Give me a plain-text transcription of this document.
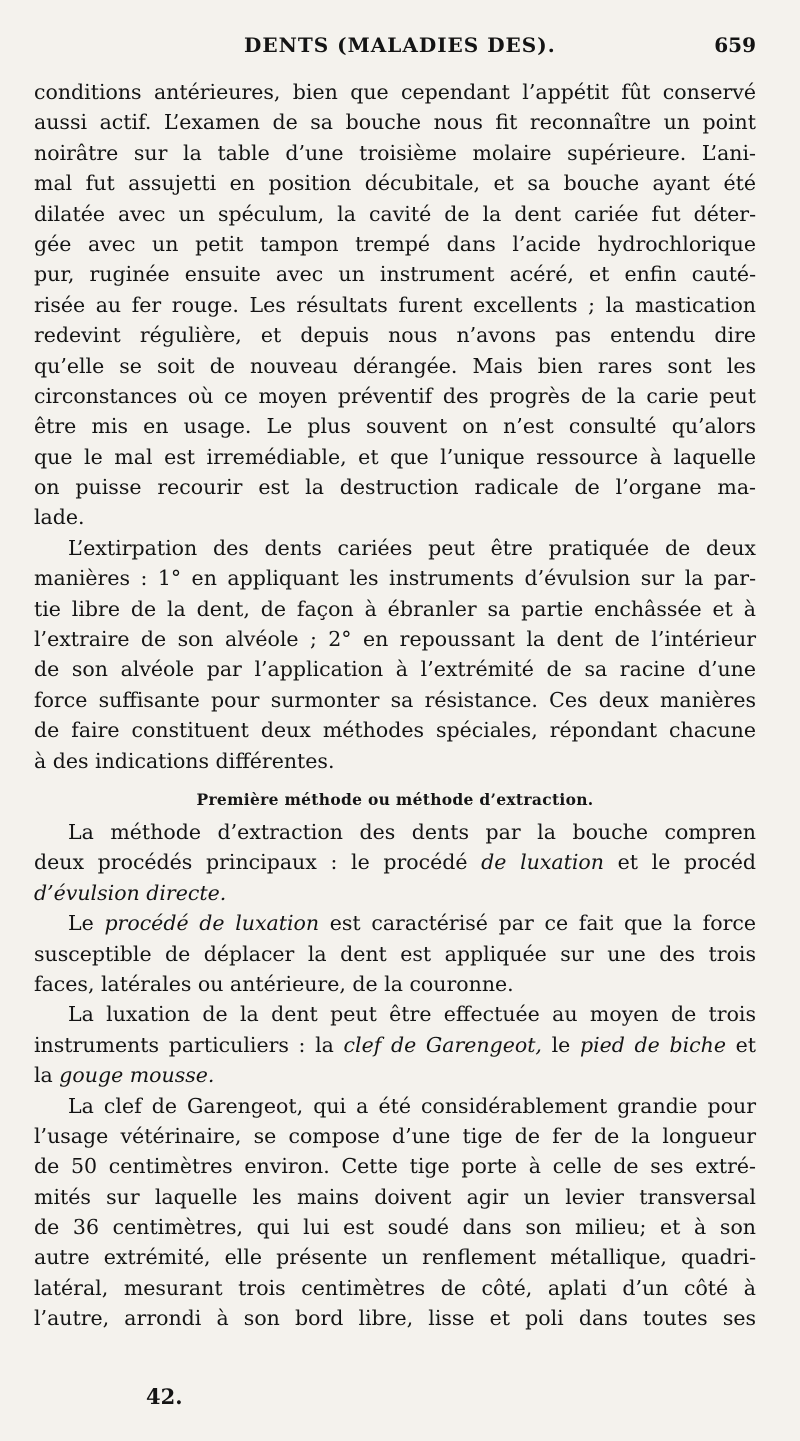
DENTS (MALADIES DES).	659
conditions antérieures, bien que cependant l’appétit fût conservé
aussi actif. L’examen de sa bouche nous fit reconnaître un point
noirâtre sur la table d’une troisième molaire supérieure. L’ani-
mal fut assujetti en position décubitale, et sa bouche ayant été
dilatée avec un spéculum, la cavité de la dent cariée fut déter-
gée avec un petit tampon trempé dans l’acide hydrochlorique
pur, ruginée ensuite avec un instrument acéré, et enfin cauté-
risée au fer rouge. Les résultats furent excellents ; la mastication
redevint régulière, et depuis nous n’avons pas entendu dire
qu’elle se soit de nouveau dérangée. Mais bien rares sont les
circonstances où ce moyen préventif des progrès de la carie peut
être mis en usage. Le plus souvent on n’est consulté qu’alors
que le mal est irremédiable, et que l’unique ressource à laquelle
on puisse recourir est la destruction radicale de l’organe ma-
lade.
L’extirpation des dents cariées peut être pratiquée de deux
manières : 1° en appliquant les instruments d’évulsion sur la par-
tie libre de la dent, de façon à ébranler sa partie enchâssée et à
l’extraire de son alvéole ; 2° en repoussant la dent de l’intérieur
de son alvéole par l’application à l’extrémité de sa racine d’une
force suffisante pour surmonter sa résistance. Ces deux manières
de faire constituent deux méthodes spéciales, répondant chacune
à des indications différentes.
Première méthode ou méthode d’extraction.
La méthode d’extraction des dents par la bouche compren
deux procédés principaux : le procédé de luxation et le procéd
d’évulsion directe.
Le procédé de luxation est caractérisé par ce fait que la force
susceptible de déplacer la dent est appliquée sur une des trois
faces, latérales ou antérieure, de la couronne.
La luxation de la dent peut être effectuée au moyen de trois
instruments particuliers : la clef de Garengeot, le pied de biche et
la gouge mousse.
La clef de Garengeot, qui a été considérablement grandie pour
l’usage vétérinaire, se compose d’une tige de fer de la longueur
de 50 centimètres environ. Cette tige porte à celle de ses extré-
mités sur laquelle les mains doivent agir un levier transversal
de 36 centimètres, qui lui est soudé dans son milieu; et à son
autre extrémité, elle présente un renflement métallique, quadri-
latéral, mesurant trois centimètres de côté, aplati d’un côté à
l’autre, arrondi à son bord libre, lisse et poli dans toutes ses
42.
